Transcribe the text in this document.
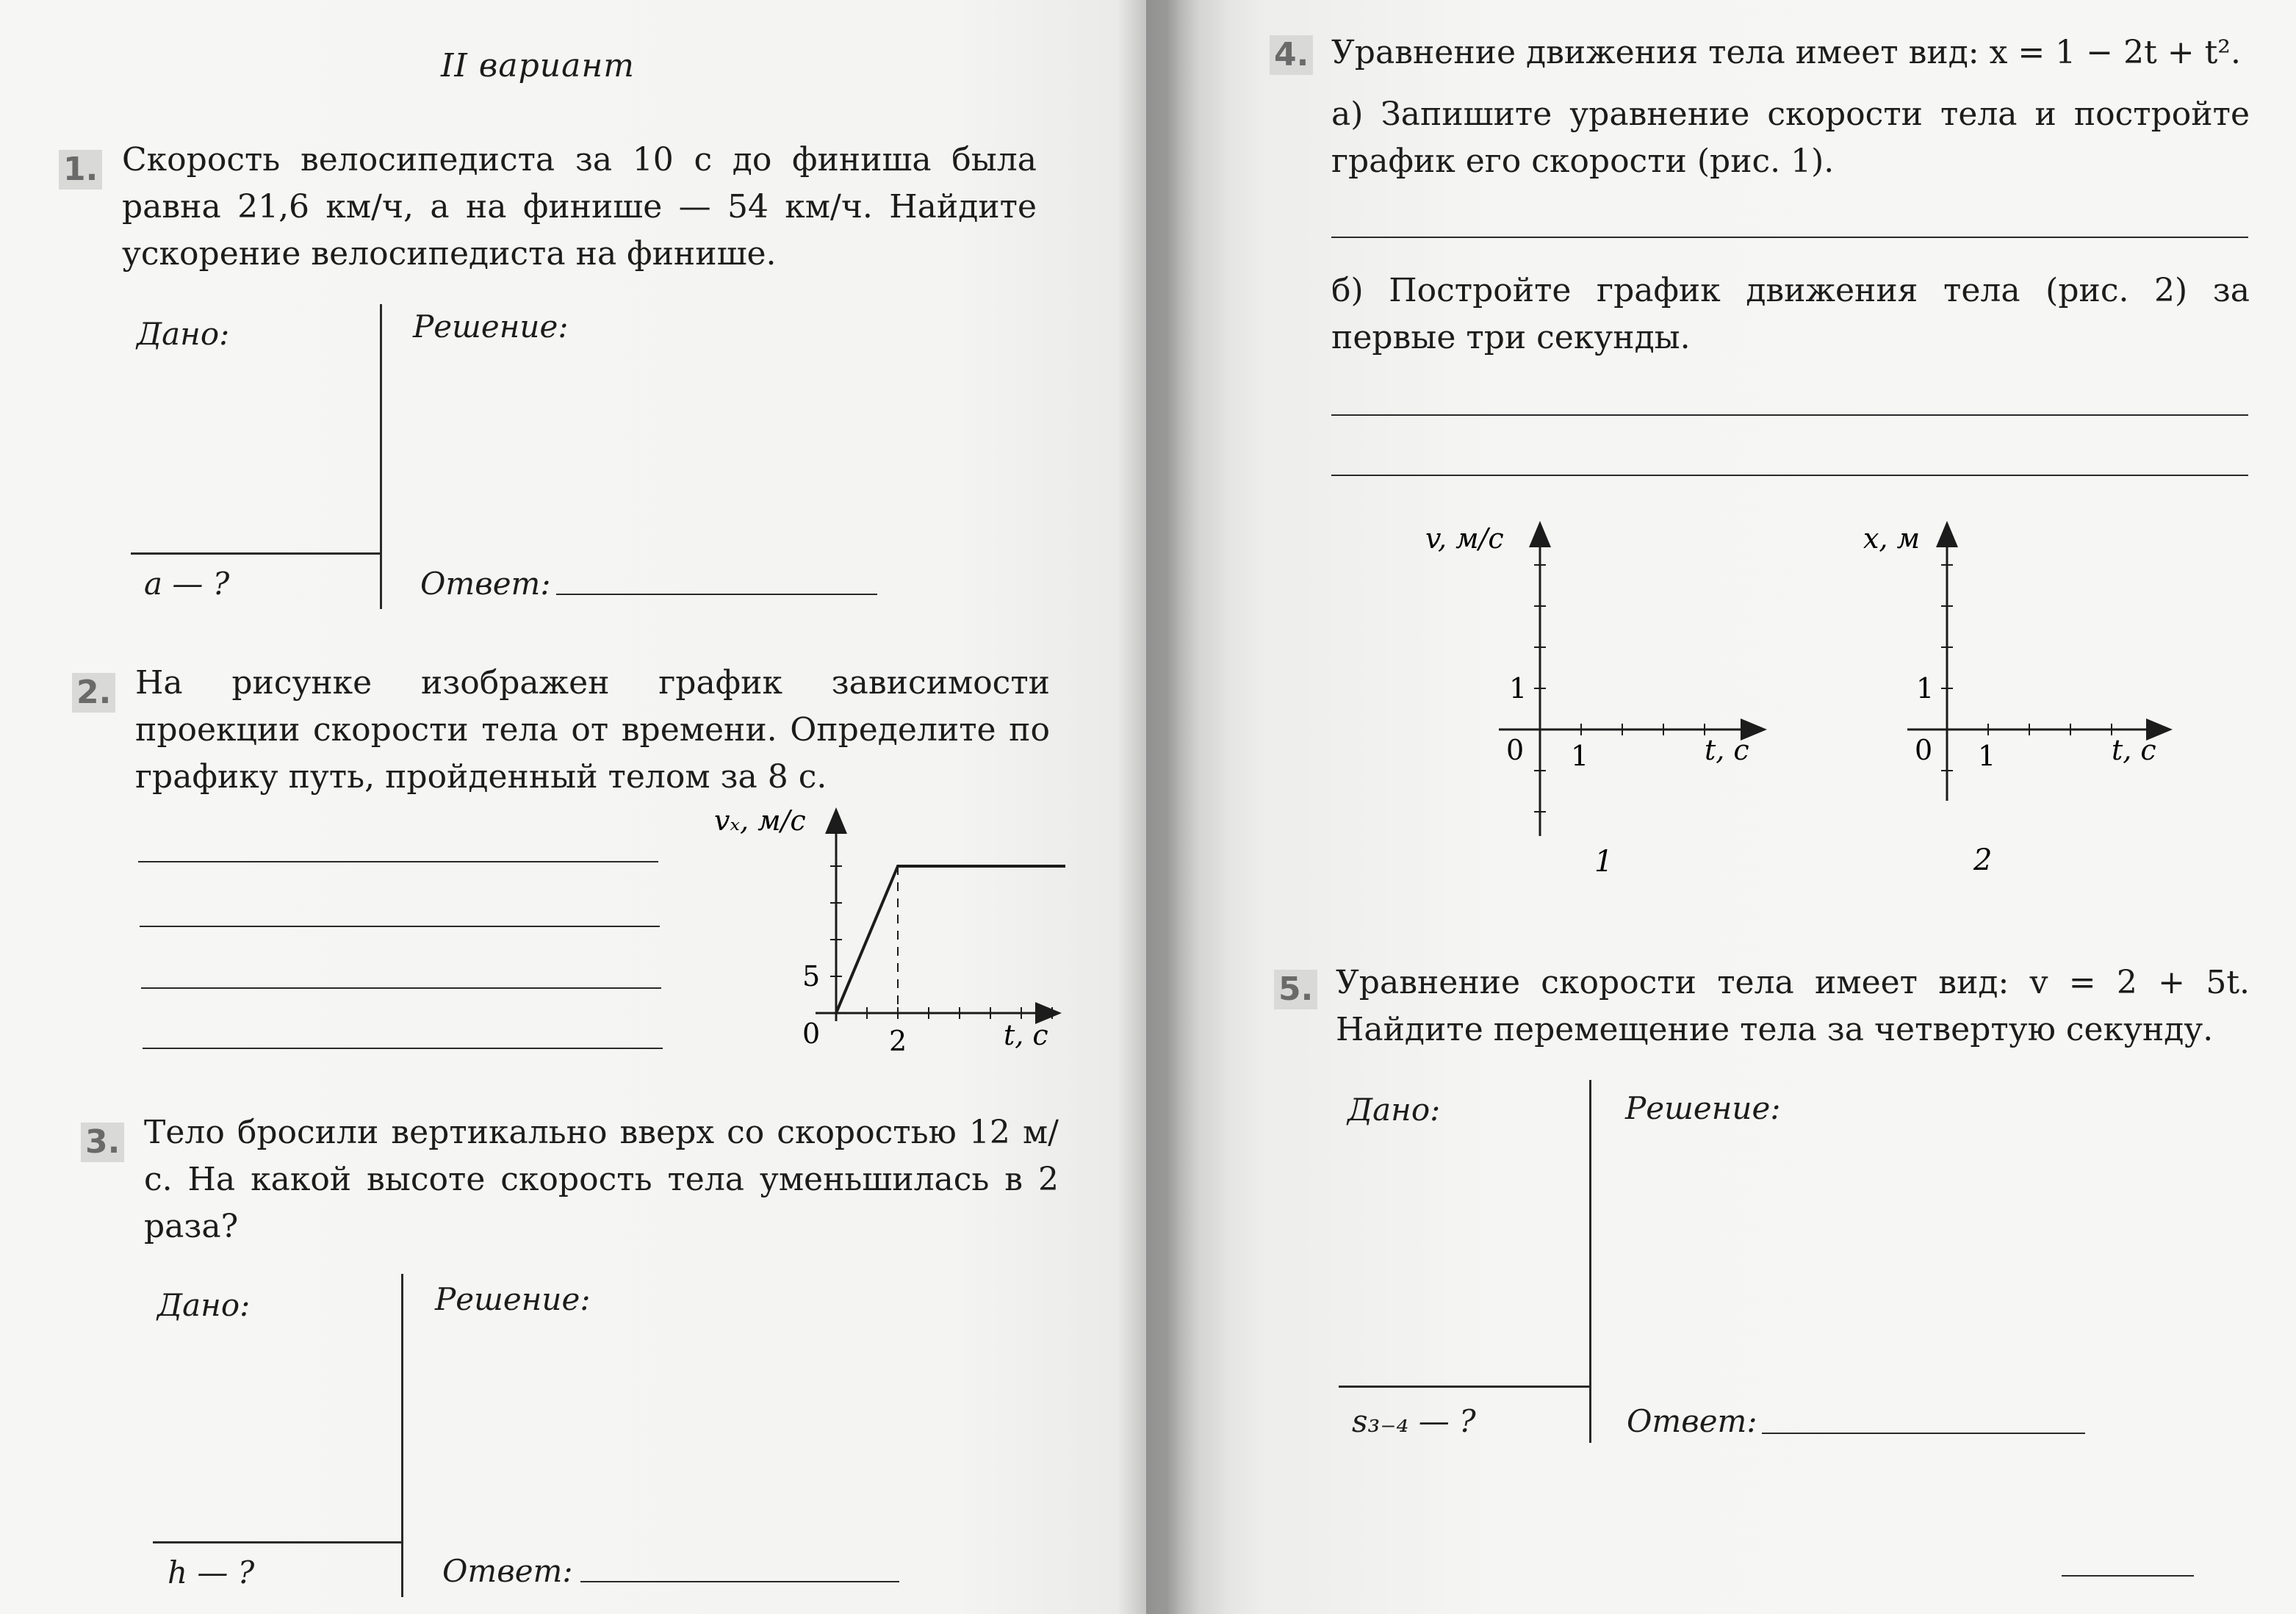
II вариант
1. Скорость велосипедиста за 10 с до финиша была равна 21,6 км/ч, а на финише — 54 км/ч. Найдите ускорение велосипедиста на финише.
Дано:	Решение:
a — ?	Ответ:
2. На рисунке изображен график зависимости проекции скорости тела от времени. Определите по графику путь, пройденный телом за 8 с.
vₓ, м/с
0
5
2	t, с
3. Тело бросили вертикально вверх со скоростью 12 м/с. На какой высоте скорость тела уменьшилась в 2 раза?
Дано:	Решение:
h — ?	Ответ:
4. Уравнение движения тела имеет вид: x = 1 − 2t + t².
а) Запишите уравнение скорости тела и постройте график его скорости (рис. 1).
б) Постройте график движения тела (рис. 2) за первые три секунды.
v, м/с
0
1
1	t, с
1
x, м
0
1
1	t, с
2
5. Уравнение скорости тела имеет вид: v = 2 + 5t. Найдите перемещение тела за четвертую секунду.
Дано:	Решение:
s₃₋₄ — ?	Ответ:
